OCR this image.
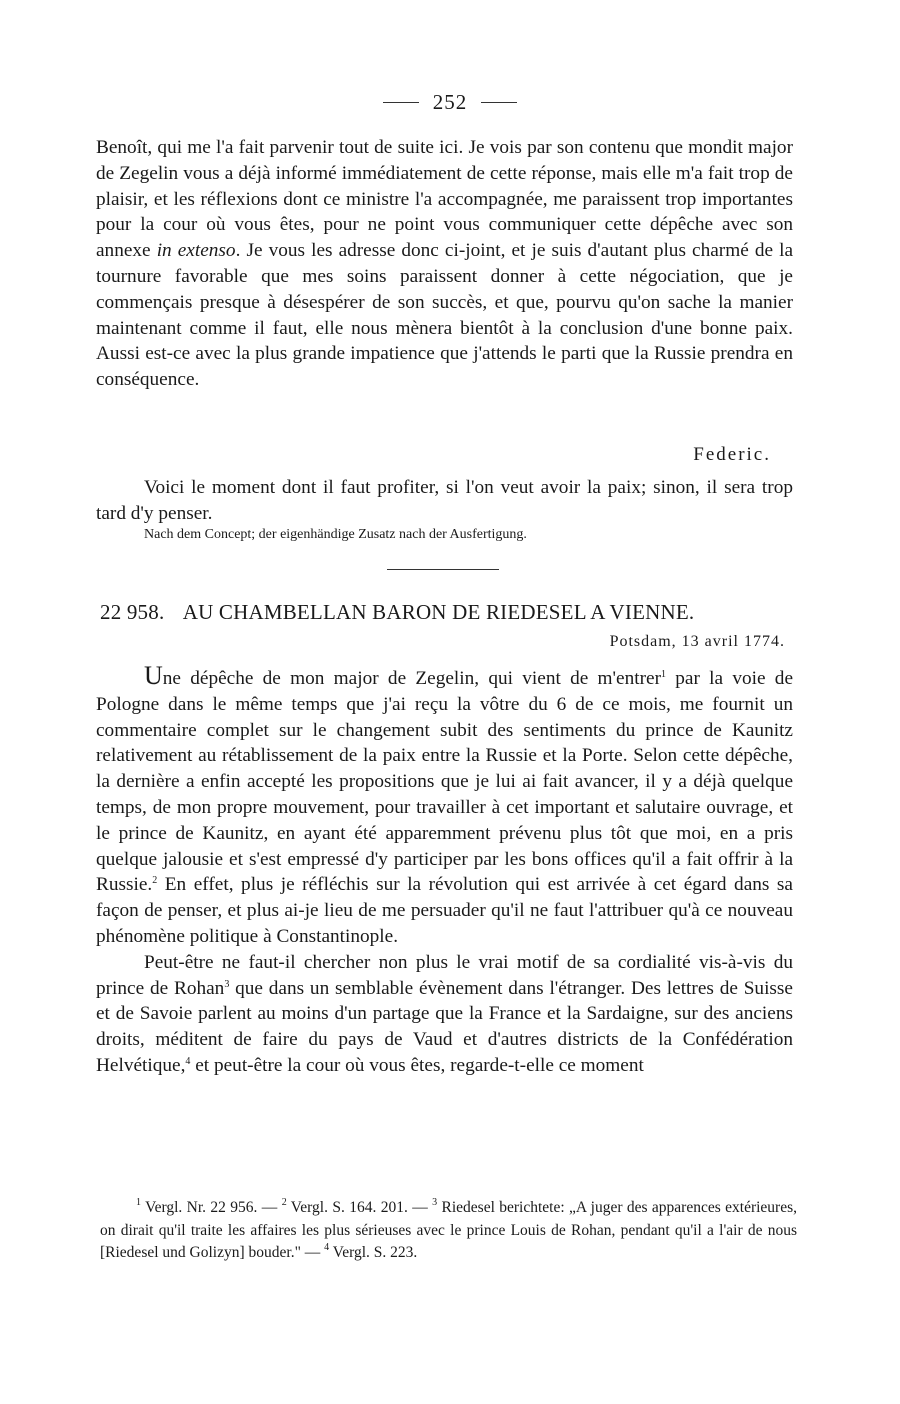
252

Benoît, qui me l'a fait parvenir tout de suite ici. Je vois par son contenu que mondit major de Zegelin vous a déjà informé immédiatement de cette réponse, mais elle m'a fait trop de plaisir, et les réflexions dont ce ministre l'a accompagnée, me paraissent trop importantes pour la cour où vous êtes, pour ne point vous communiquer cette dépêche avec son annexe in extenso. Je vous les adresse donc ci-joint, et je suis d'autant plus charmé de la tournure favorable que mes soins paraissent donner à cette négociation, que je commençais presque à désespérer de son succès, et que, pourvu qu'on sache la manier maintenant comme il faut, elle nous mènera bientôt à la conclusion d'une bonne paix. Aussi est-ce avec la plus grande impatience que j'attends le parti que la Russie prendra en conséquence.

Federic.

Voici le moment dont il faut profiter, si l'on veut avoir la paix; sinon, il sera trop tard d'y penser.

Nach dem Concept; der eigenhändige Zusatz nach der Ausfertigung.
22 958. AU CHAMBELLAN BARON DE RIEDESEL A VIENNE.
Potsdam, 13 avril 1774.

Une dépêche de mon major de Zegelin, qui vient de m'entrer$^1$ par la voie de Pologne dans le même temps que j'ai reçu la vôtre du 6 de ce mois, me fournit un commentaire complet sur le changement subit des sentiments du prince de Kaunitz relativement au rétablissement de la paix entre la Russie et la Porte. Selon cette dépêche, la dernière a enfin accepté les propositions que je lui ai fait avancer, il y a déjà quelque temps, de mon propre mouvement, pour travailler à cet important et salutaire ouvrage, et le prince de Kaunitz, en ayant été apparemment prévenu plus tôt que moi, en a pris quelque jalousie et s'est empressé d'y participer par les bons offices qu'il a fait offrir à la Russie.$^2$ En effet, plus je réfléchis sur la révolution qui est arrivée à cet égard dans sa façon de penser, et plus ai-je lieu de me persuader qu'il ne faut l'attribuer qu'à ce nouveau phénomène politique à Constantinople.

Peut-être ne faut-il chercher non plus le vrai motif de sa cordialité vis-à-vis du prince de Rohan$^3$ que dans un semblable évènement dans l'étranger. Des lettres de Suisse et de Savoie parlent au moins d'un partage que la France et la Sardaigne, sur des anciens droits, méditent de faire du pays de Vaud et d'autres districts de la Confédération Helvétique,$^4$ et peut-être la cour où vous êtes, regarde-t-elle ce moment

$^1$ Vergl. Nr. 22 956. — $^2$ Vergl. S. 164. 201. — $^3$ Riedesel berichtete: „A juger des apparences extérieures, on dirait qu'il traite les affaires les plus sérieuses avec le prince Louis de Rohan, pendant qu'il a l'air de nous [Riedesel und Golizyn] bouder." — $^4$ Vergl. S. 223.
